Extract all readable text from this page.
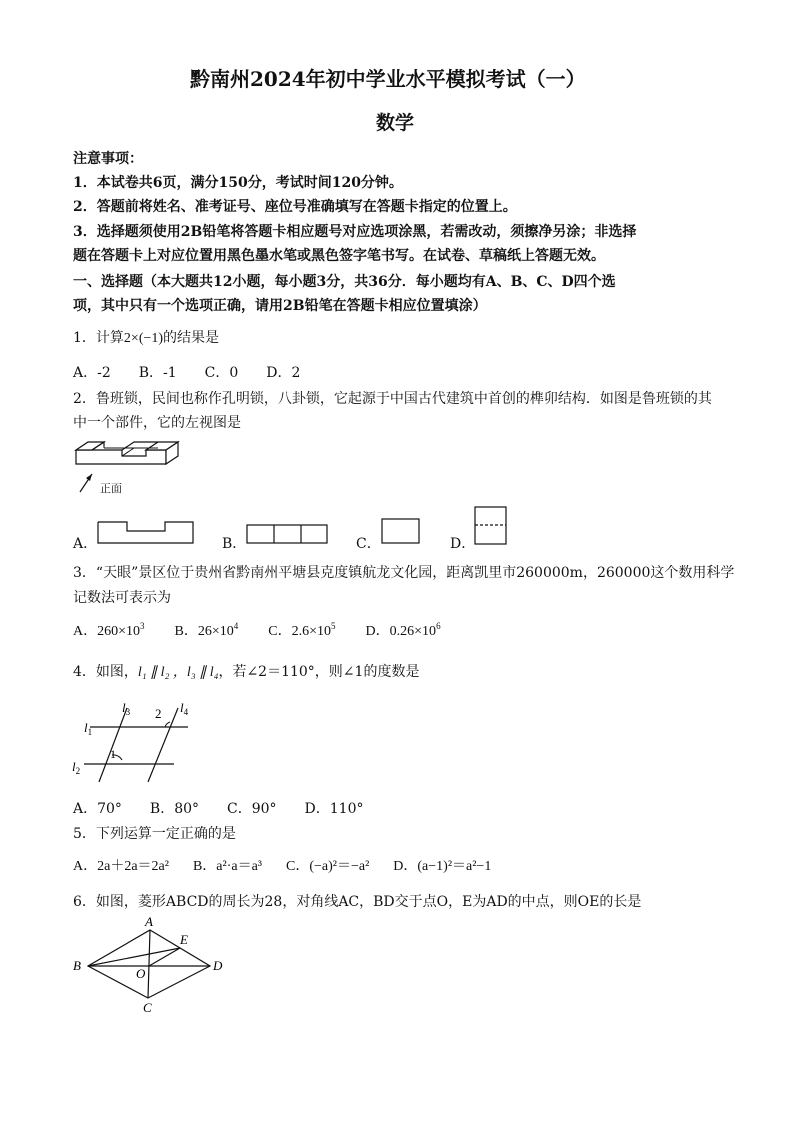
黔南州2024年初中学业水平模拟考试（一）
数学
注意事项：
1．本试卷共6页，满分150分，考试时间120分钟。
2．答题前将姓名、准考证号、座位号准确填写在答题卡指定的位置上。
3．选择题须使用2B铅笔将答题卡相应题号对应选项涂黑，若需改动，须擦净另涂；非选择
题在答题卡上对应位置用黑色墨水笔或黑色签字笔书写。在试卷、草稿纸上答题无效。
一、选择题（本大题共12小题，每小题3分，共36分．每小题均有A、B、C、D四个选
项，其中只有一个选项正确，请用2B铅笔在答题卡相应位置填涂）
1．计算2×(−1)的结果是
A．-2　　B．-1　　C．0　　D．2
2．鲁班锁，民间也称作孔明锁，八卦锁，它起源于中国古代建筑中首创的榫卯结构．如图是鲁班锁的其
中一个部件，它的左视图是
正面
A．	B．	C．	D．
3．“天眼”景区位于贵州省黔南州平塘县克度镇航龙文化园，距离凯里市260000m，260000这个数用科学
记数法可表示为
A．$260\times 10^3$ B．$26\times 10^4$ C．$2.6\times 10^5$ D．$0.26\times 10^6$
4．如图，l₁ ∥ l₂ ，l₃ ∥ l₄，若∠2＝110°，则∠1的度数是
$l_1$
$l_2$
$l_3$	$l_4$
2
1
A．70°　　B．80°　　C．90°　　D．110°
5．下列运算一定正确的是
A．2a＋2a＝2a² B．a²·a＝a³ C．(−a)²＝−a² D．(a−1)²＝a²−1
6．如图，菱形ABCD的周长为28，对角线AC，BD交于点O，E为AD的中点，则OE的长是
A
B
C
D
E
O
